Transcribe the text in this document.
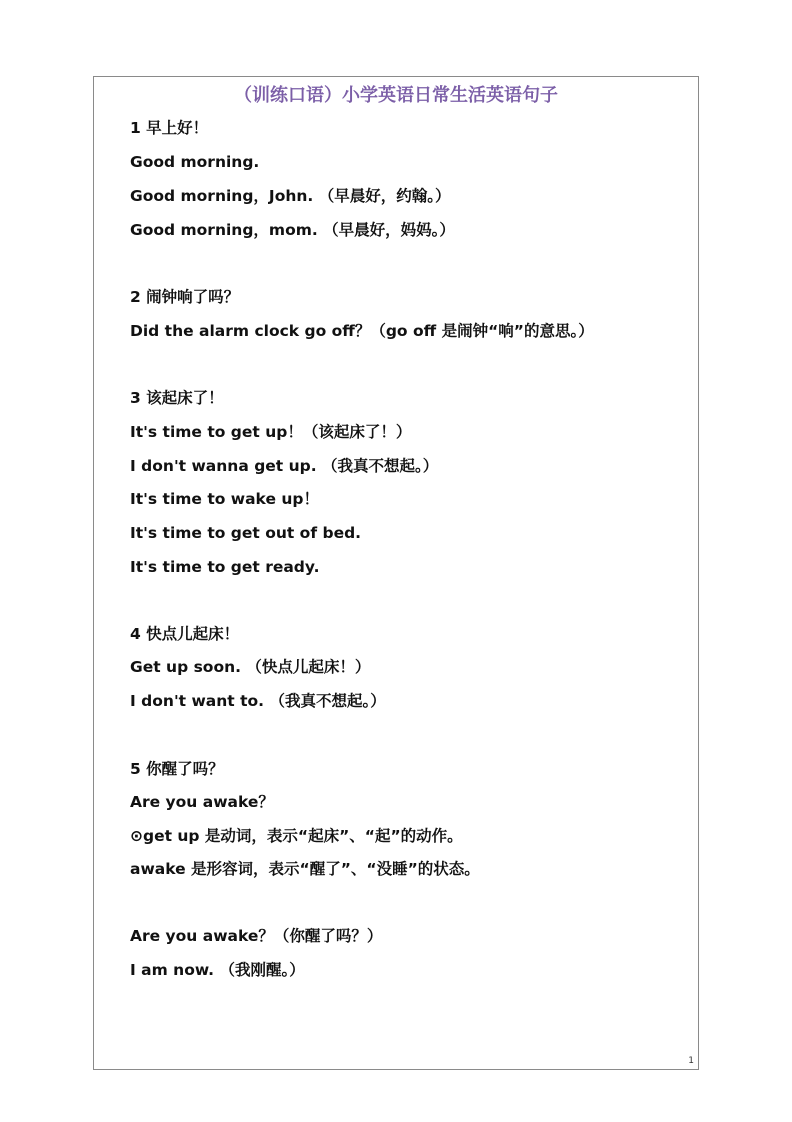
（训练口语）小学英语日常生活英语句子
1 早上好！
Good morning.
Good morning，John. （早晨好，约翰。）
Good morning，mom. （早晨好，妈妈。）
2 闹钟响了吗？
Did the alarm clock go off？（go off 是闹钟“响”的意思。）
3 该起床了！
It's time to get up！（该起床了！）
I don't wanna get up. （我真不想起。）
It's time to wake up！
It's time to get out of bed.
It's time to get ready.
4 快点儿起床！
Get up soon. （快点儿起床！）
I don't want to. （我真不想起。）
5 你醒了吗？
Are you awake？
⊙get up 是动词，表示“起床”、“起”的动作。
awake 是形容词，表示“醒了”、“没睡”的状态。
Are you awake？（你醒了吗？）
I am now. （我刚醒。）
1
